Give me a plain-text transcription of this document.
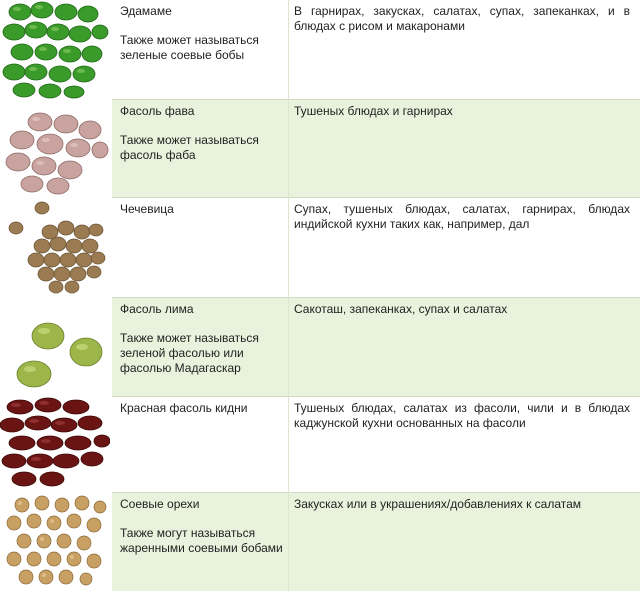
Эдамаме
Также может называться зеленые соевые бобы
В гарнирах, закусках, салатах, супах, запеканках, и в блюдах с рисом и макаронами
Фасоль фава
Также может называться фасоль фаба
Тушеных блюдах и гарнирах
Чечевица	Супах, тушеных блюдах, салатах, гарнирах, блюдах индийской кухни таких как, например, дал
Фасоль лима
Также может называться зеленой фасолью или фасолью Мадагаскар
Сакоташ, запеканках, супах и салатах
Красная фасоль кидни	Тушеных блюдах, салатах из фасоли, чили и в блюдах каджунской кухни основанных на фасоли
Соевые орехи
Также могут называться жаренными соевыми бобами
Закусках или в украшениях/добавлениях к салатам
